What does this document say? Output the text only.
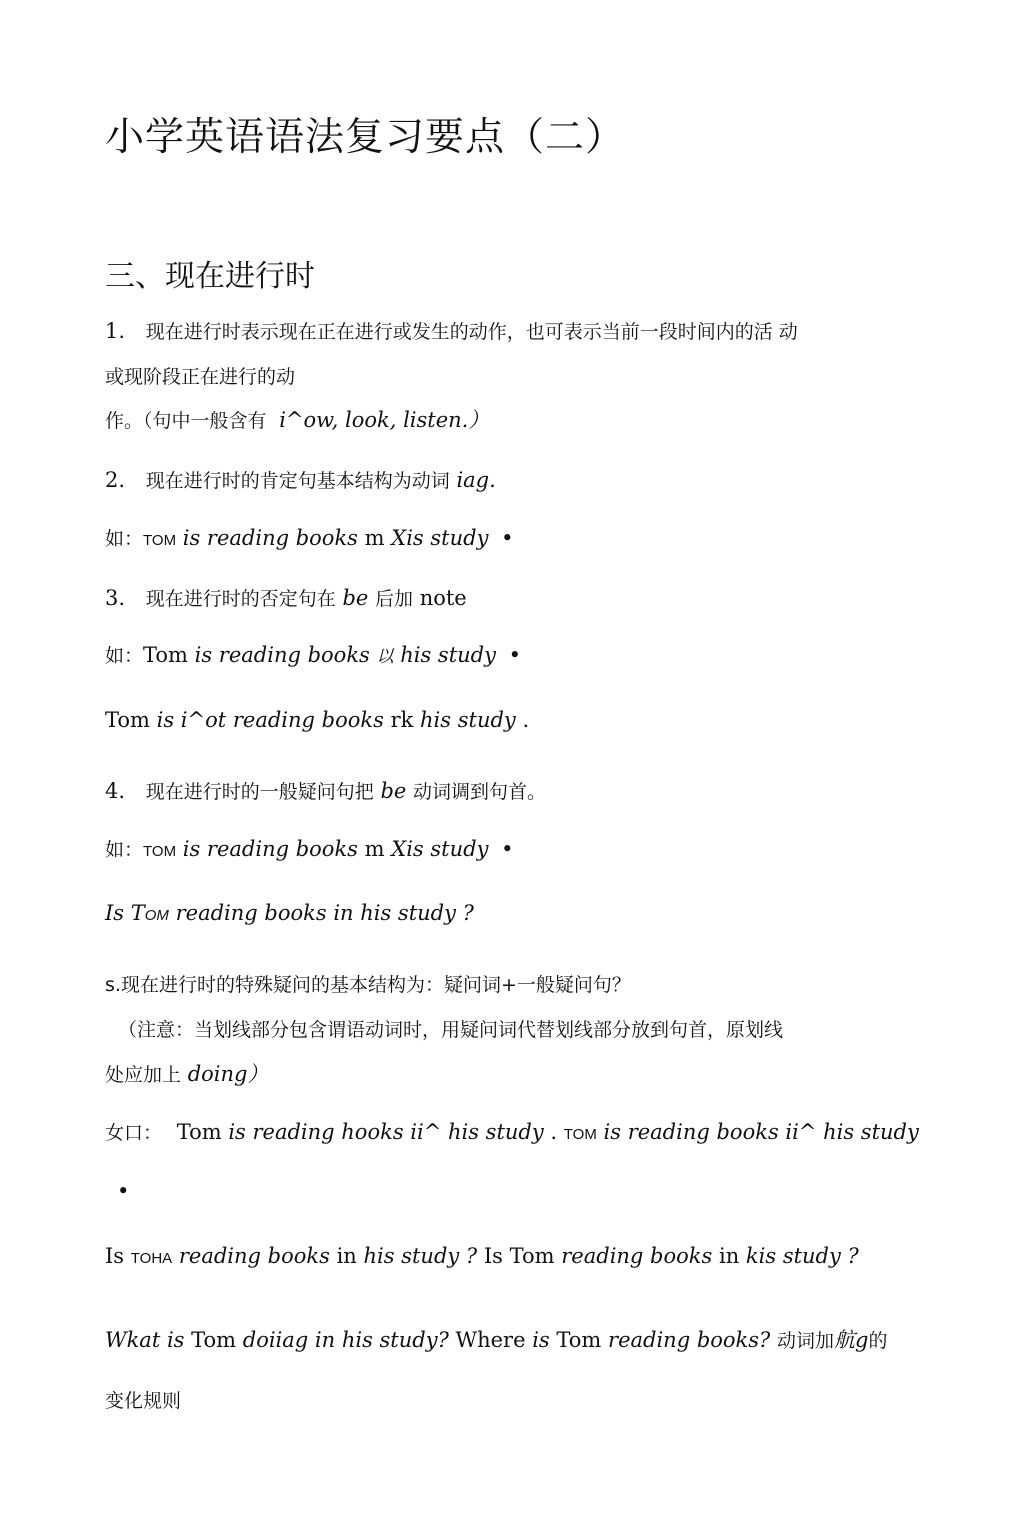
小学英语语法复习要点（二）
三、现在进行时
1. 现在进行时表示现在正在进行或发生的动作，也可表示当前一段时间内的活 动
或现阶段正在进行的动
作。（句中一般含有 i^ow, look, listen.）
2. 现在进行时的肯定句基本结构为动词 iag.
如：TOM is reading books m Xis study •
3. 现在进行时的否定句在 be 后加 note
如：Tom is reading books 以 his study •
Tom is i^ot reading books rk his study .
4. 现在进行时的一般疑问句把 be 动词调到句首。
如：TOM is reading books m Xis study •
Is TOM reading books in his study ?
s.现在进行时的特殊疑问的基本结构为：疑问词+一般疑问句？
（注意：当划线部分包含谓语动词时，用疑问词代替划线部分放到句首，原划线
处应加上 doing）
女口： Tom is reading hooks ii^ his study . TOM is reading books ii^ his study
•
Is TOHA reading books in his study ? Is Tom reading books in kis study ?
Wkat is Tom doiiag in his study? Where is Tom reading books? 动词加航g的
变化规则
